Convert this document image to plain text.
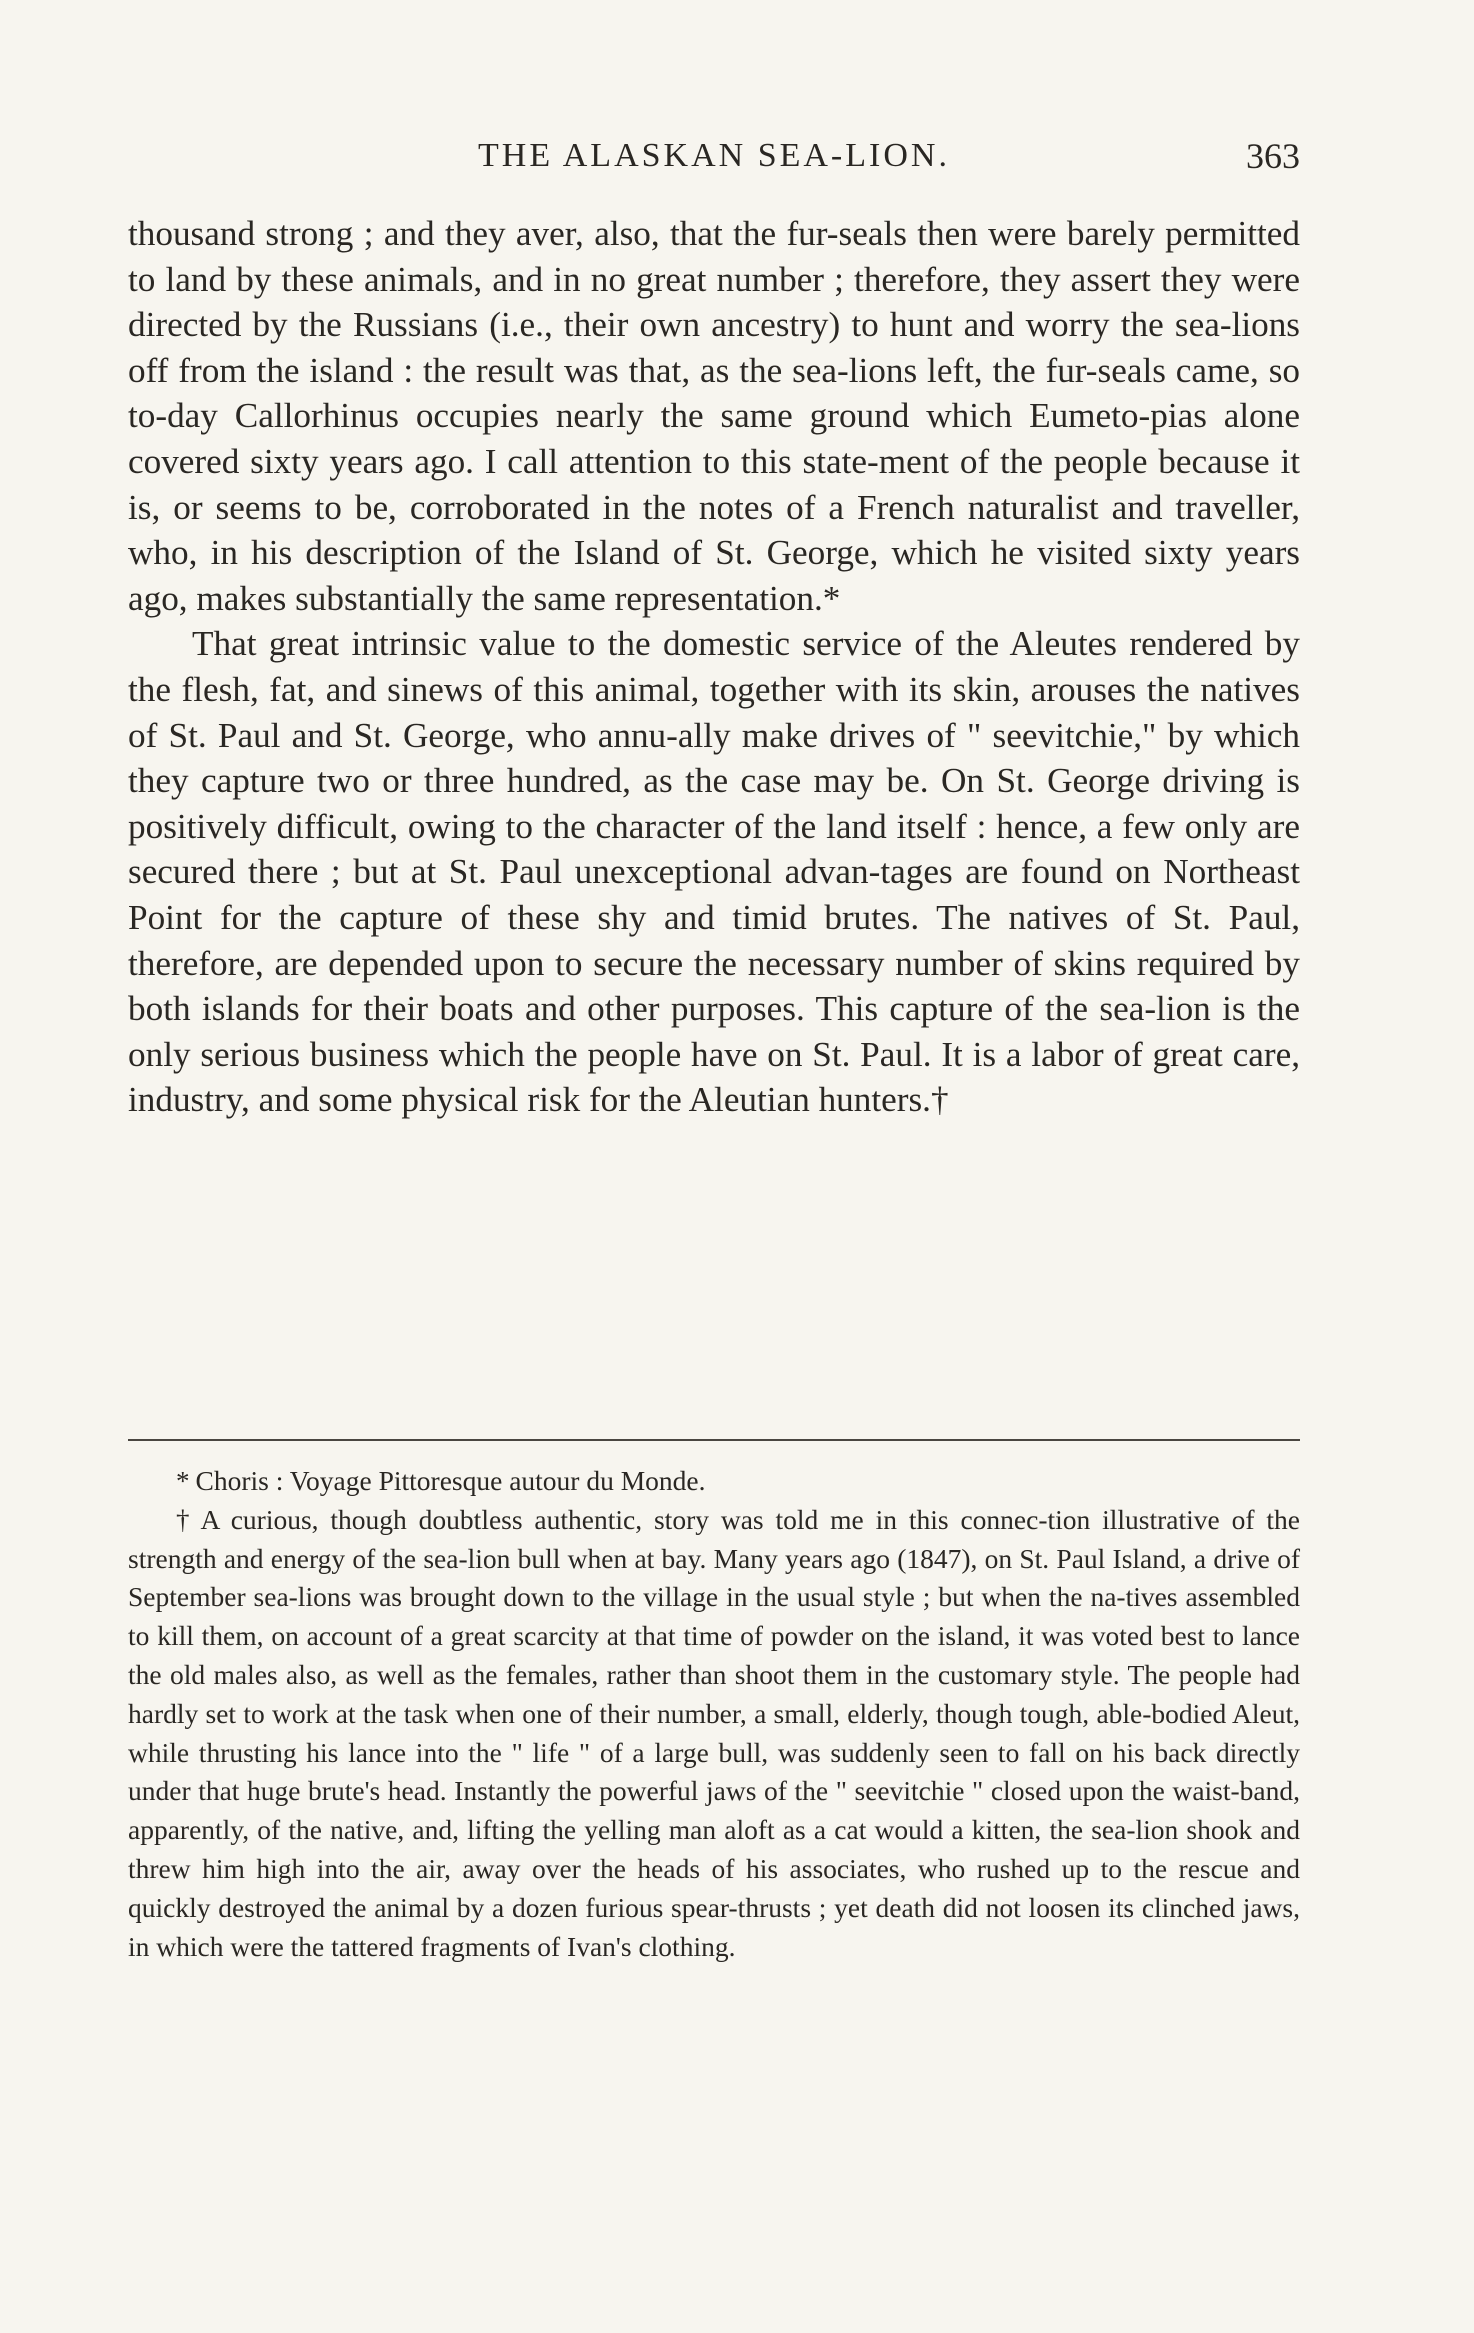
THE ALASKAN SEA-LION.	363

thousand strong ; and they aver, also, that the fur-seals then were barely permitted to land by these animals, and in no great number ; therefore, they assert they were directed by the Russians (i.e., their own ancestry) to hunt and worry the sea-lions off from the island : the result was that, as the sea-lions left, the fur-seals came, so to-day Callorhinus occupies nearly the same ground which Eumeto-pias alone covered sixty years ago. I call attention to this state-ment of the people because it is, or seems to be, corroborated in the notes of a French naturalist and traveller, who, in his description of the Island of St. George, which he visited sixty years ago, makes substantially the same representation.*

That great intrinsic value to the domestic service of the Aleutes rendered by the flesh, fat, and sinews of this animal, together with its skin, arouses the natives of St. Paul and St. George, who annu-ally make drives of " seevitchie," by which they capture two or three hundred, as the case may be. On St. George driving is positively difficult, owing to the character of the land itself : hence, a few only are secured there ; but at St. Paul unexceptional advan-tages are found on Northeast Point for the capture of these shy and timid brutes. The natives of St. Paul, therefore, are depended upon to secure the necessary number of skins required by both islands for their boats and other purposes. This capture of the sea-lion is the only serious business which the people have on St. Paul. It is a labor of great care, industry, and some physical risk for the Aleutian hunters.†

* Choris : Voyage Pittoresque autour du Monde.

† A curious, though doubtless authentic, story was told me in this connec-tion illustrative of the strength and energy of the sea-lion bull when at bay. Many years ago (1847), on St. Paul Island, a drive of September sea-lions was brought down to the village in the usual style ; but when the na-tives assembled to kill them, on account of a great scarcity at that time of powder on the island, it was voted best to lance the old males also, as well as the females, rather than shoot them in the customary style. The people had hardly set to work at the task when one of their number, a small, elderly, though tough, able-bodied Aleut, while thrusting his lance into the " life " of a large bull, was suddenly seen to fall on his back directly under that huge brute's head. Instantly the powerful jaws of the " seevitchie " closed upon the waist-band, apparently, of the native, and, lifting the yelling man aloft as a cat would a kitten, the sea-lion shook and threw him high into the air, away over the heads of his associates, who rushed up to the rescue and quickly destroyed the animal by a dozen furious spear-thrusts ; yet death did not loosen its clinched jaws, in which were the tattered fragments of Ivan's clothing.
